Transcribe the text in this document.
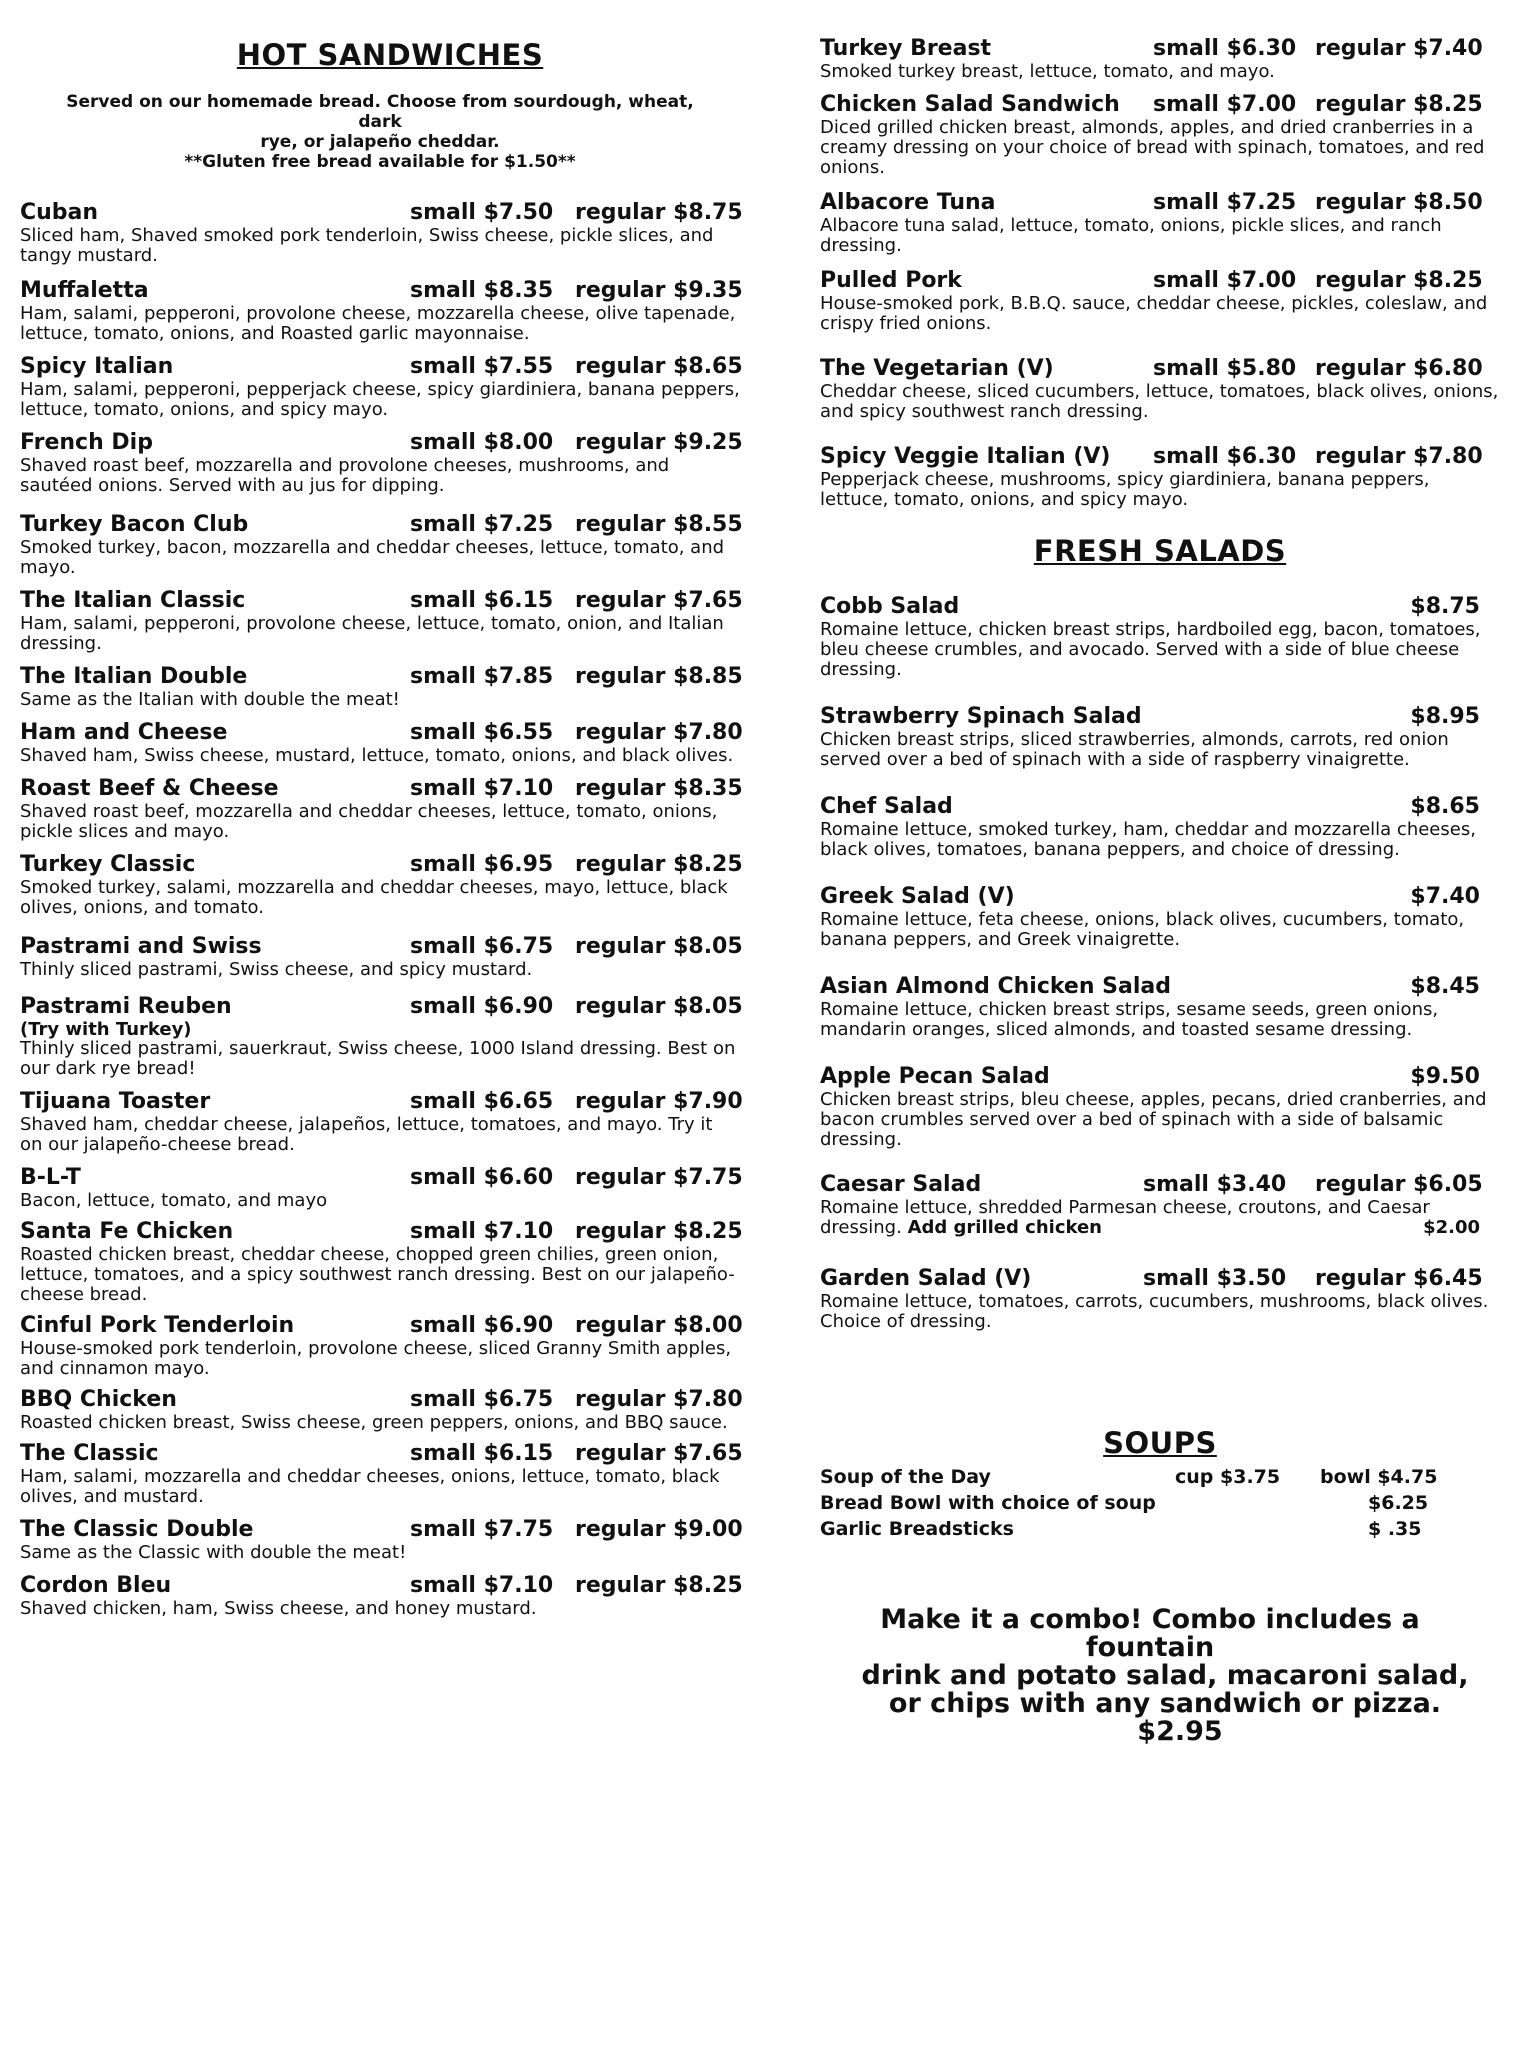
HOT SANDWICHES
Served on our homemade bread. Choose from sourdough, wheat, dark
rye, or jalapeño cheddar.
**Gluten free bread available for $1.50**
Cuban	small $7.50 regular $8.75
Sliced ham, Shaved smoked pork tenderloin, Swiss cheese, pickle slices, and tangy mustard.
Muffaletta	small $8.35 regular $9.35
Ham, salami, pepperoni, provolone cheese, mozzarella cheese, olive tapenade, lettuce, tomato, onions, and Roasted garlic mayonnaise.
Spicy Italian	small $7.55 regular $8.65
Ham, salami, pepperoni, pepperjack cheese, spicy giardiniera, banana peppers, lettuce, tomato, onions, and spicy mayo.
French Dip	small $8.00 regular $9.25
Shaved roast beef, mozzarella and provolone cheeses, mushrooms, and sautéed onions. Served with au jus for dipping.
Turkey Bacon Club	small $7.25 regular $8.55
Smoked turkey, bacon, mozzarella and cheddar cheeses, lettuce, tomato, and mayo.
The Italian Classic	small $6.15 regular $7.65
Ham, salami, pepperoni, provolone cheese, lettuce, tomato, onion, and Italian dressing.
The Italian Double	small $7.85 regular $8.85
Same as the Italian with double the meat!
Ham and Cheese	small $6.55 regular $7.80
Shaved ham, Swiss cheese, mustard, lettuce, tomato, onions, and black olives.
Roast Beef & Cheese	small $7.10 regular $8.35
Shaved roast beef, mozzarella and cheddar cheeses, lettuce, tomato, onions, pickle slices and mayo.
Turkey Classic	small $6.95 regular $8.25
Smoked turkey, salami, mozzarella and cheddar cheeses, mayo, lettuce, black olives, onions, and tomato.
Pastrami and Swiss	small $6.75 regular $8.05
Thinly sliced pastrami, Swiss cheese, and spicy mustard.
Pastrami Reuben	small $6.90 regular $8.05
(Try with Turkey)
Thinly sliced pastrami, sauerkraut, Swiss cheese, 1000 Island dressing. Best on our dark rye bread!
Tijuana Toaster	small $6.65 regular $7.90
Shaved ham, cheddar cheese, jalapeños, lettuce, tomatoes, and mayo. Try it on our jalapeño-cheese bread.
B-L-T	small $6.60 regular $7.75
Bacon, lettuce, tomato, and mayo
Santa Fe Chicken	small $7.10 regular $8.25
Roasted chicken breast, cheddar cheese, chopped green chilies, green onion, lettuce, tomatoes, and a spicy southwest ranch dressing. Best on our jalapeño-cheese bread.
Cinful Pork Tenderloin	small $6.90 regular $8.00
House-smoked pork tenderloin, provolone cheese, sliced Granny Smith apples, and cinnamon mayo.
BBQ Chicken	small $6.75 regular $7.80
Roasted chicken breast, Swiss cheese, green peppers, onions, and BBQ sauce.
The Classic	small $6.15 regular $7.65
Ham, salami, mozzarella and cheddar cheeses, onions, lettuce, tomato, black olives, and mustard.
The Classic Double	small $7.75 regular $9.00
Same as the Classic with double the meat!
Cordon Bleu	small $7.10 regular $8.25
Shaved chicken, ham, Swiss cheese, and honey mustard.
Turkey Breast	small $6.30 regular $7.40
Smoked turkey breast, lettuce, tomato, and mayo.
Chicken Salad Sandwich small $7.00 regular $8.25
Diced grilled chicken breast, almonds, apples, and dried cranberries in a creamy dressing on your choice of bread with spinach, tomatoes, and red onions.
Albacore Tuna	small $7.25 regular $8.50
Albacore tuna salad, lettuce, tomato, onions, pickle slices, and ranch dressing.
Pulled Pork	small $7.00 regular $8.25
House-smoked pork, B.B.Q. sauce, cheddar cheese, pickles, coleslaw, and crispy fried onions.
The Vegetarian (V)	small $5.80 regular $6.80
Cheddar cheese, sliced cucumbers, lettuce, tomatoes, black olives, onions, and spicy southwest ranch dressing.
Spicy Veggie Italian (V) small $6.30 regular $7.80
Pepperjack cheese, mushrooms, spicy giardiniera, banana peppers, lettuce, tomato, onions, and spicy mayo.
FRESH SALADS
Cobb Salad	$8.75
Romaine lettuce, chicken breast strips, hardboiled egg, bacon, tomatoes, bleu cheese crumbles, and avocado. Served with a side of blue cheese dressing.
Strawberry Spinach Salad	$8.95
Chicken breast strips, sliced strawberries, almonds, carrots, red onion served over a bed of spinach with a side of raspberry vinaigrette.
Chef Salad	$8.65
Romaine lettuce, smoked turkey, ham, cheddar and mozzarella cheeses, black olives, tomatoes, banana peppers, and choice of dressing.
Greek Salad (V)	$7.40
Romaine lettuce, feta cheese, onions, black olives, cucumbers, tomato, banana peppers, and Greek vinaigrette.
Asian Almond Chicken Salad	$8.45
Romaine lettuce, chicken breast strips, sesame seeds, green onions, mandarin oranges, sliced almonds, and toasted sesame dressing.
Apple Pecan Salad	$9.50
Chicken breast strips, bleu cheese, apples, pecans, dried cranberries, and bacon crumbles served over a bed of spinach with a side of balsamic dressing.
Caesar Salad	small $3.40 regular $6.05
Romaine lettuce, shredded Parmesan cheese, croutons, and Caesar dressing. Add grilled chicken	$2.00
Garden Salad (V)	small $3.50 regular $6.45
Romaine lettuce, tomatoes, carrots, cucumbers, mushrooms, black olives. Choice of dressing.
SOUPS
Soup of the Day	cup $3.75 bowl $4.75
Bread Bowl with choice of soup	$6.25
Garlic Breadsticks	$ .35
Make it a combo! Combo includes a fountain
drink and potato salad, macaroni salad,
or chips with any sandwich or pizza.
$2.95
